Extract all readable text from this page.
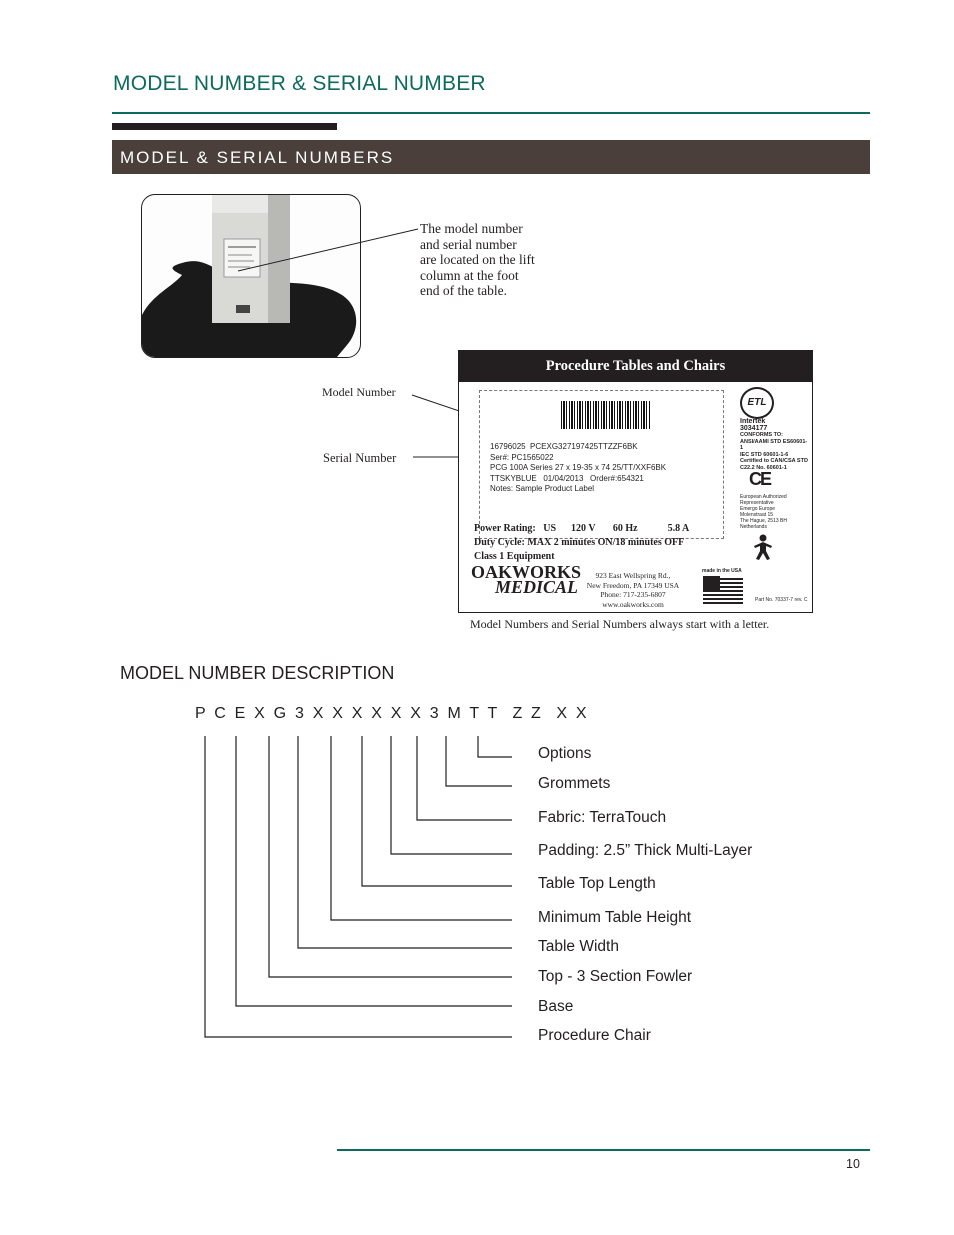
MODEL NUMBER & SERIAL NUMBER
MODEL & SERIAL NUMBERS
The model number
and serial number
are located on the lift
column at the foot
end of the table.
Model Number
Serial Number
Procedure Tables and Chairs
16796025  PCEXG327197425TTZZF6BK
Ser#: PC1565022
PCG 100A Series 27 x 19-35 x 74 25/TT/XXF6BK
TTSKYBLUE   01/04/2013   Order#:654321
Notes: Sample Product Label
Power Rating:   US      120 V       60 Hz            5.8 A
Duty Cycle: MAX 2 minutes ON/18 minutes OFF
Class 1 Equipment
ETL
Intertek
3034177
CONFORMS TO:
ANSI/AAMI STD ES60601-1
IEC STD 60601-1-6
Certified to CAN/CSA STD
C22.2 No. 60601-1
CE
European Authorized
Representative
Emergo Europe
Molenstraat 15
The Hague, 2513 BH
Netherlands
OAKWORKS
MEDICAL
923 East Wellspring Rd.,
New Freedom, PA 17349 USA
Phone: 717-235-6807
www.oakworks.com
made in the USA
Part No. 70337-7 rev. C
Model Numbers and Serial Numbers always start with a letter.
MODEL NUMBER DESCRIPTION
P C E X G 3 X X X X X X 3 M T T  Z Z  X X
Options
Grommets
Fabric: TerraTouch
Padding: 2.5” Thick Multi-Layer
Table Top Length
Minimum Table Height
Table Width
Top - 3 Section Fowler
Base
Procedure Chair
10
